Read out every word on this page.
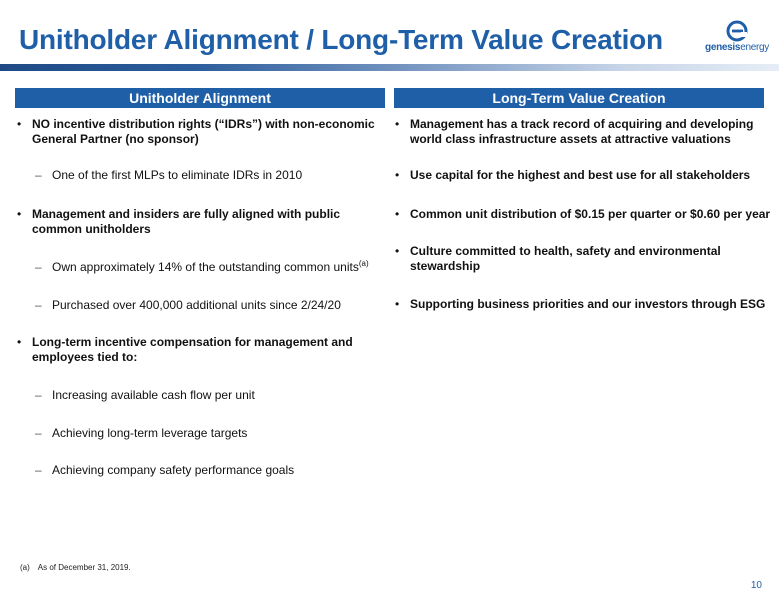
Unitholder Alignment / Long-Term Value Creation	genesisenergy
Unitholder Alignment	Long-Term Value Creation
• NO incentive distribution rights (“IDRs”) with non-economic General Partner (no sponsor)
– One of the first MLPs to eliminate IDRs in 2010
• Management and insiders are fully aligned with public common unitholders
– Own approximately 14% of the outstanding common units$^{(a)}$
– Purchased over 400,000 additional units since 2/24/20
• Long-term incentive compensation for management and employees tied to:
– Increasing available cash flow per unit
– Achieving long-term leverage targets
– Achieving company safety performance goals
• Management has a track record of acquiring and developing world class infrastructure assets at attractive valuations
• Use capital for the highest and best use for all stakeholders
• Common unit distribution of $0.15 per quarter or $0.60 per year
• Culture committed to health, safety and environmental stewardship
• Supporting business priorities and our investors through ESG
(a) As of December 31, 2019.
10
